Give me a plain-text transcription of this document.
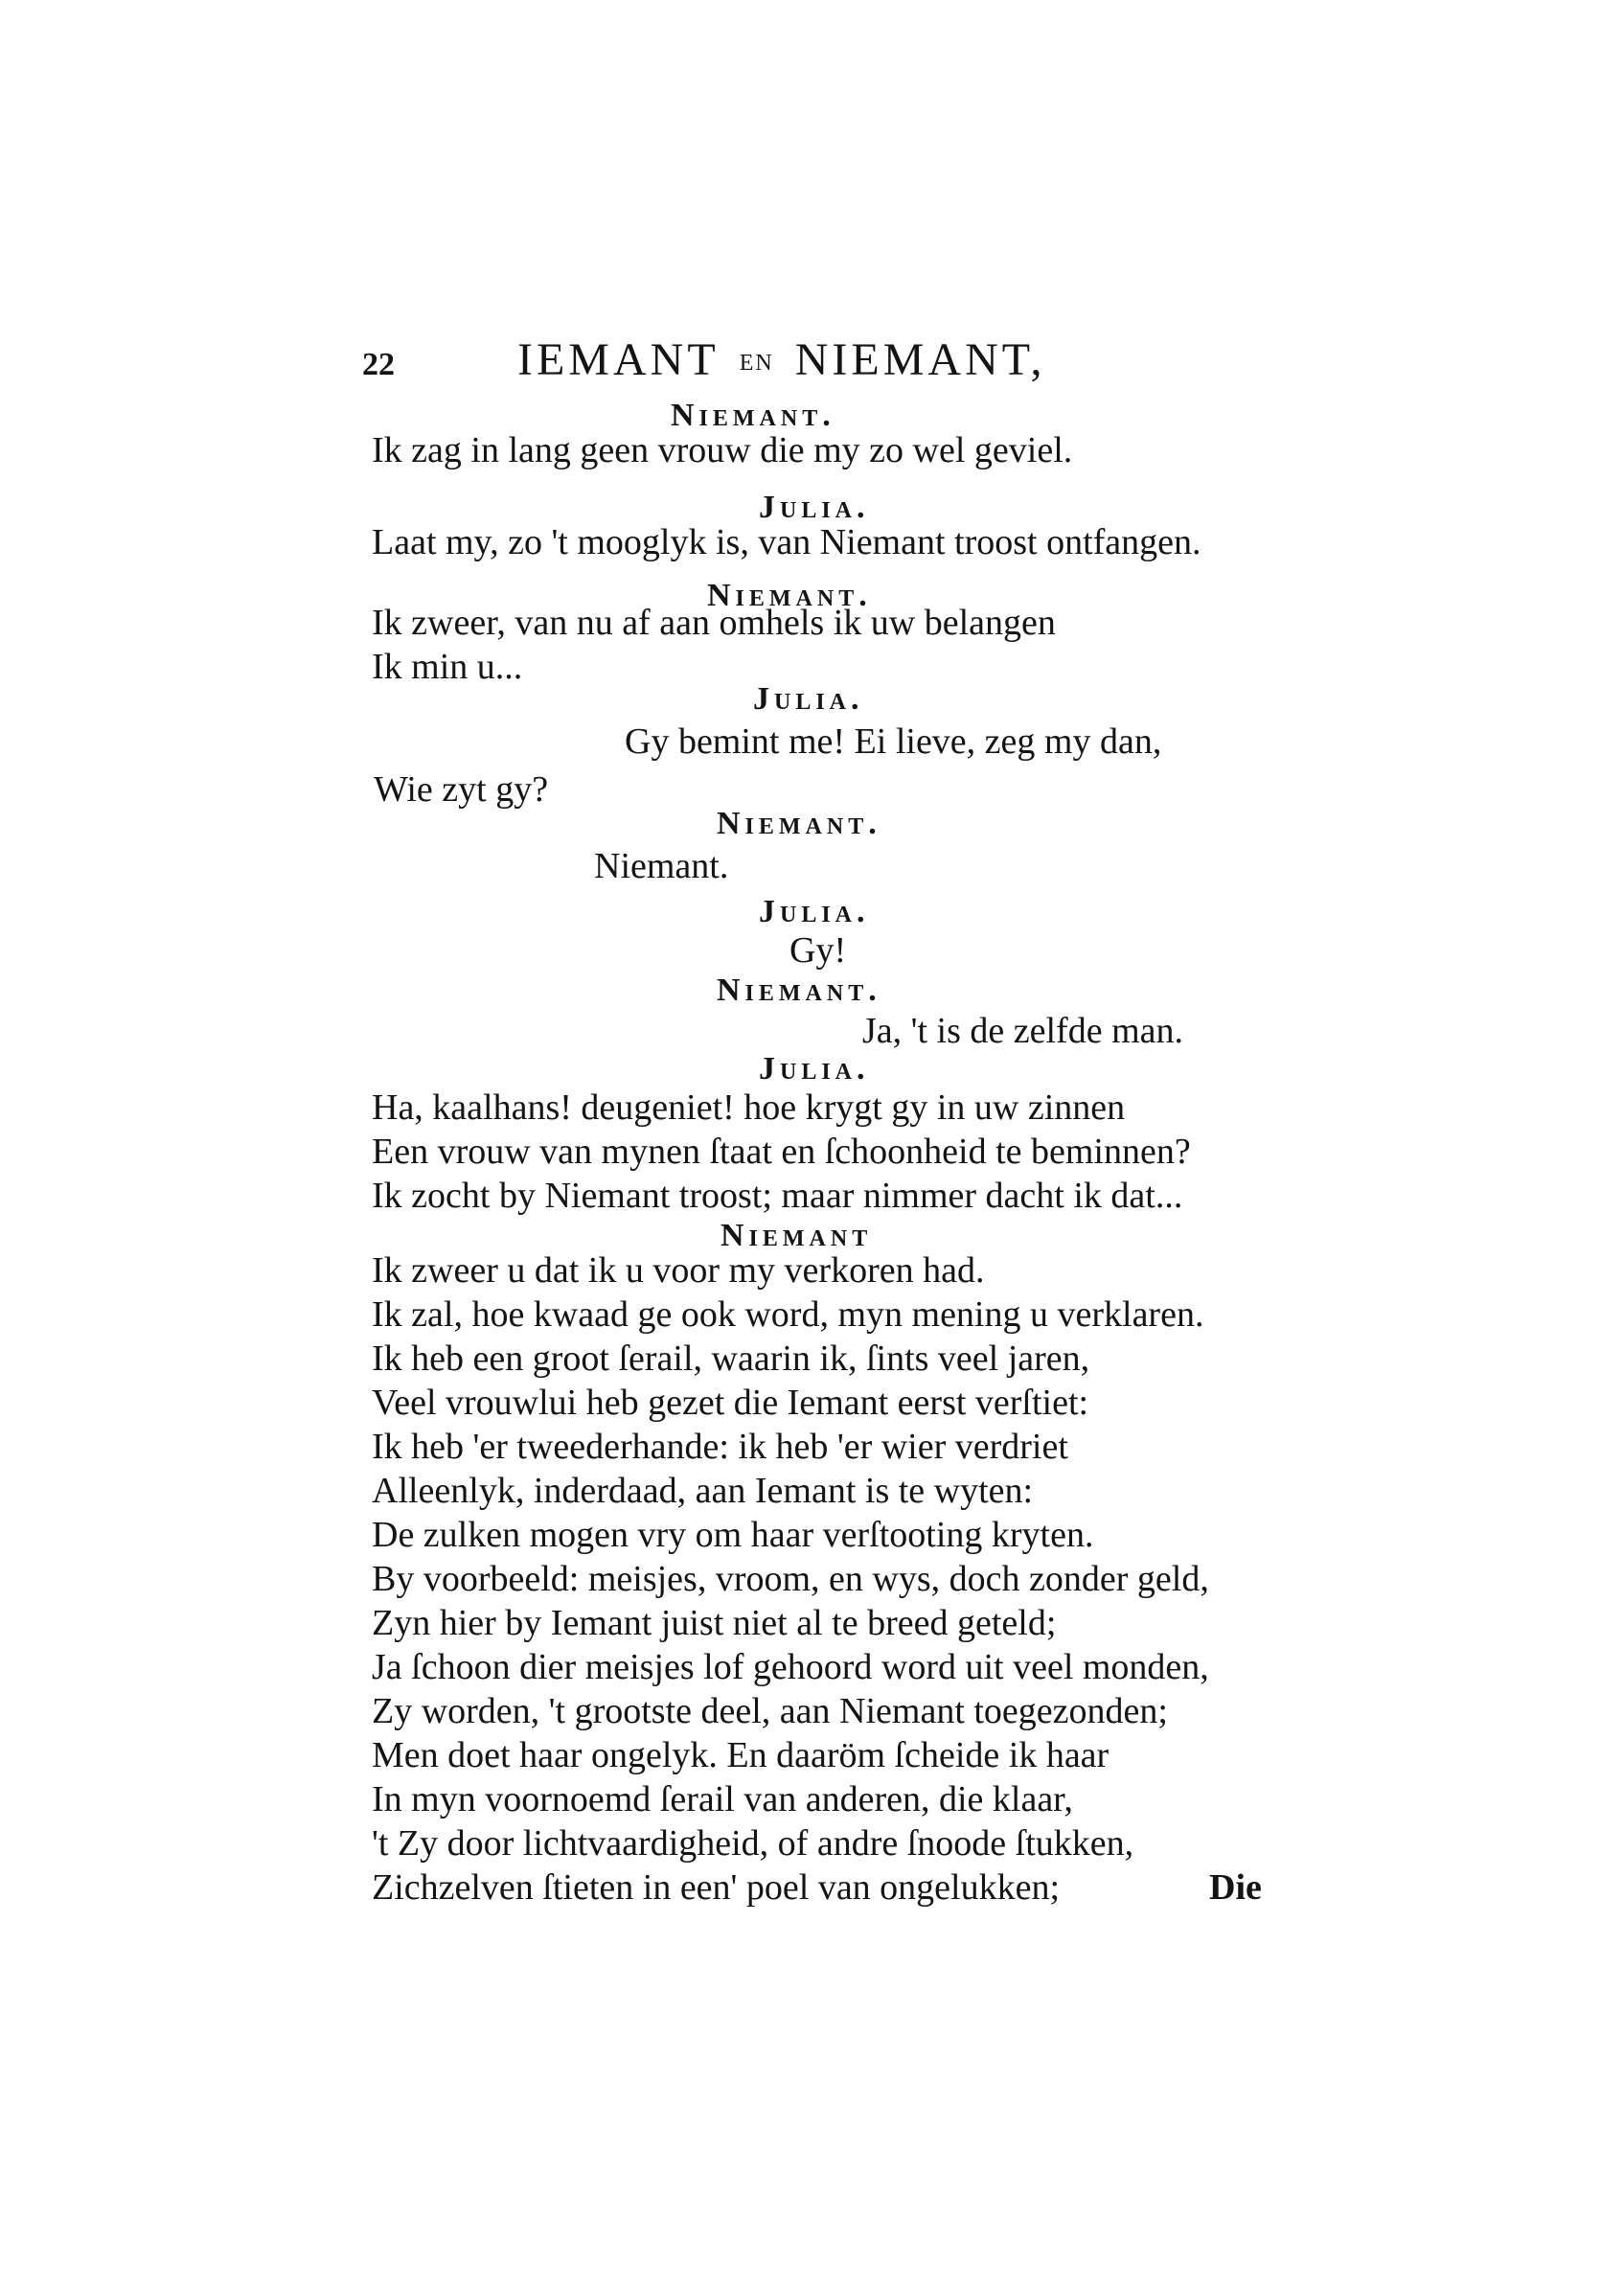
22	IEMANT EN NIEMANT,
Niemant.
Ik zag in lang geen vrouw die my zo wel geviel.
Julia.
Laat my, zo 't mooglyk is, van Niemant troost ontfangen.
Niemant.
Ik zweer, van nu af aan omhels ik uw belangen
Ik min u...
Julia.
Gy bemint me! Ei lieve, zeg my dan,
Wie zyt gy?
Niemant.
Niemant.
Julia.
Gy!
Niemant.
Ja, 't is de zelfde man.
Julia.
Ha, kaalhans! deugeniet! hoe krygt gy in uw zinnen
Een vrouw van mynen ſtaat en ſchoonheid te beminnen?
Ik zocht by Niemant troost; maar nimmer dacht ik dat...
Niemant
Ik zweer u dat ik u voor my verkoren had.
Ik zal, hoe kwaad ge ook word, myn mening u verklaren.
Ik heb een groot ſerail, waarin ik, ſints veel jaren,
Veel vrouwlui heb gezet die Iemant eerst verſtiet:
Ik heb 'er tweederhande: ik heb 'er wier verdriet
Alleenlyk, inderdaad, aan Iemant is te wyten:
De zulken mogen vry om haar verſtooting kryten.
By voorbeeld: meisjes, vroom, en wys, doch zonder geld,
Zyn hier by Iemant juist niet al te breed geteld;
Ja ſchoon dier meisjes lof gehoord word uit veel monden,
Zy worden, 't grootste deel, aan Niemant toegezonden;
Men doet haar ongelyk. En daaröm ſcheide ik haar
In myn voornoemd ſerail van anderen, die klaar,
't Zy door lichtvaardigheid, of andre ſnoode ſtukken,
Zichzelven ſtieten in een' poel van ongelukken;	Die
